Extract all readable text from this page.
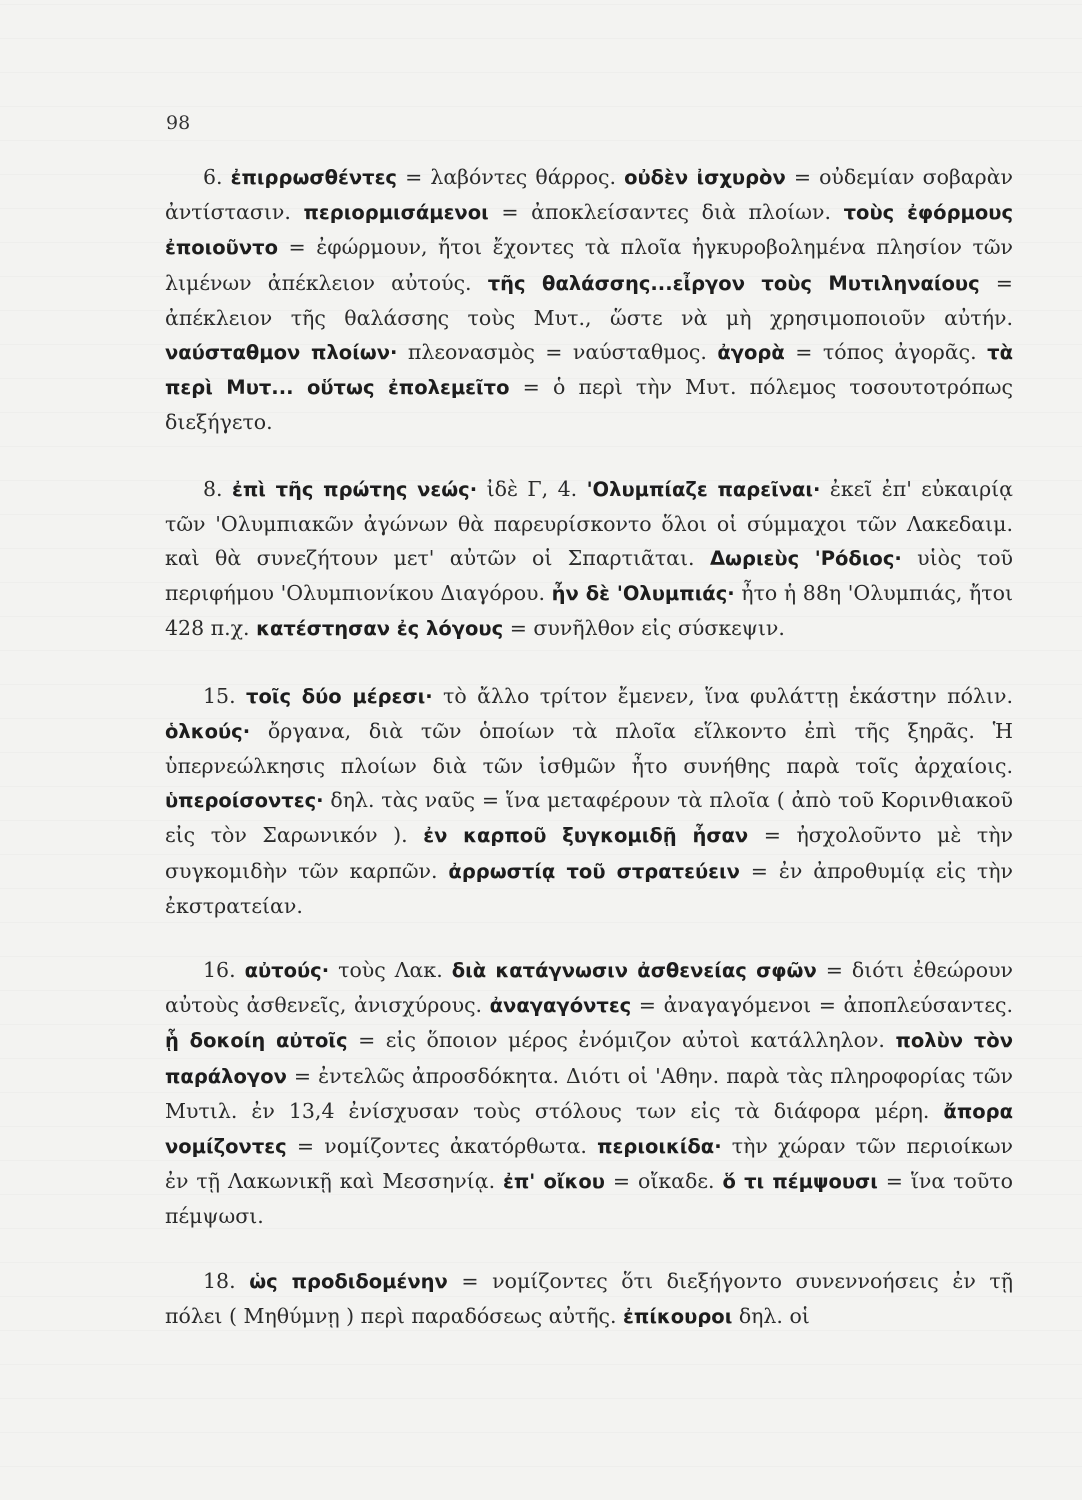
98

6. ἐπιρρωσθέντες = λαβόντες θάρρος. οὐδὲν ἰσχυρὸν = οὐδεμίαν σοβαρὰν ἀντίστασιν. περιορμισάμενοι = ἀποκλείσαντες διὰ πλοίων. τοὺς ἐφόρμους ἐποιοῦντο = ἐφώρμουν, ἤτοι ἔχοντες τὰ πλοῖα ἠγκυροβολημένα πλησίον τῶν λιμένων ἀπέκλειον αὐτούς. τῆς θαλάσσης...εἶργον τοὺς Μυτιληναίους = ἀπέκλειον τῆς θαλάσσης τοὺς Μυτ., ὥστε νὰ μὴ χρησιμοποιοῦν αὐτήν. ναύσταθμον πλοίων· πλεονασμὸς = ναύσταθμος. ἀγορὰ = τόπος ἀγορᾶς. τὰ περὶ Μυτ... οὕτως ἐπολεμεῖτο = ὁ περὶ τὴν Μυτ. πόλεμος τοσουτοτρόπως διεξήγετο.

8. ἐπὶ τῆς πρώτης νεώς· ἰδὲ Γ, 4. 'Ολυμπίαζε παρεῖναι· ἐκεῖ ἐπ' εὐκαιρίᾳ τῶν 'Ολυμπιακῶν ἀγώνων θὰ παρευρίσκοντο ὅλοι οἱ σύμμαχοι τῶν Λακεδαιμ. καὶ θὰ συνεζήτουν μετ' αὐτῶν οἱ Σπαρτιᾶται. Δωριεὺς 'Ρόδιος· υἱὸς τοῦ περιφήμου 'Ολυμπιονίκου Διαγόρου. ἦν δὲ 'Ολυμπιάς· ἦτο ἡ 88η 'Ολυμπιάς, ἤτοι 428 π.χ. κατέστησαν ἐς λόγους = συνῆλθον εἰς σύσκεψιν.

15. τοῖς δύο μέρεσι· τὸ ἄλλο τρίτον ἔμενεν, ἵνα φυλάττῃ ἑκάστην πόλιν. ὁλκούς· ὄργανα, διὰ τῶν ὁποίων τὰ πλοῖα εἵλκοντο ἐπὶ τῆς ξηρᾶς. Ἡ ὑπερνεώλκησις πλοίων διὰ τῶν ἰσθμῶν ἦτο συνήθης παρὰ τοῖς ἀρχαίοις. ὑπεροίσοντες· δηλ. τὰς ναῦς = ἵνα μεταφέρουν τὰ πλοῖα ( ἀπὸ τοῦ Κορινθιακοῦ εἰς τὸν Σαρωνικόν ). ἐν καρποῦ ξυγκομιδῇ ἦσαν = ἠσχολοῦντο μὲ τὴν συγκομιδὴν τῶν καρπῶν. ἀρρωστίᾳ τοῦ στρατεύειν = ἐν ἀπροθυμίᾳ εἰς τὴν ἐκστρατείαν.

16. αὐτούς· τοὺς Λακ. διὰ κατάγνωσιν ἀσθενείας σφῶν = διότι ἐθεώρουν αὐτοὺς ἀσθενεῖς, ἀνισχύρους. ἀναγαγόντες = ἀναγαγόμενοι = ἀποπλεύσαντες. ᾗ δοκοίη αὐτοῖς = εἰς ὅποιον μέρος ἐνόμιζον αὐτοὶ κατάλληλον. πολὺν τὸν παράλογον = ἐντελῶς ἀπροσδόκητα. Διότι οἱ 'Αθην. παρὰ τὰς πληροφορίας τῶν Μυτιλ. ἐν 13,4 ἐνίσχυσαν τοὺς στόλους των εἰς τὰ διάφορα μέρη. ἄπορα νομίζοντες = νομίζοντες ἀκατόρθωτα. περιοικίδα· τὴν χώραν τῶν περιοίκων ἐν τῇ Λακωνικῇ καὶ Μεσσηνίᾳ. ἐπ' οἴκου = οἴκαδε. ὅ τι πέμψουσι = ἵνα τοῦτο πέμψωσι.

18. ὡς προδιδομένην = νομίζοντες ὅτι διεξήγοντο συνεννοήσεις ἐν τῇ πόλει ( Μηθύμνῃ ) περὶ παραδόσεως αὐτῆς. ἐπίκουροι δηλ. οἱ
